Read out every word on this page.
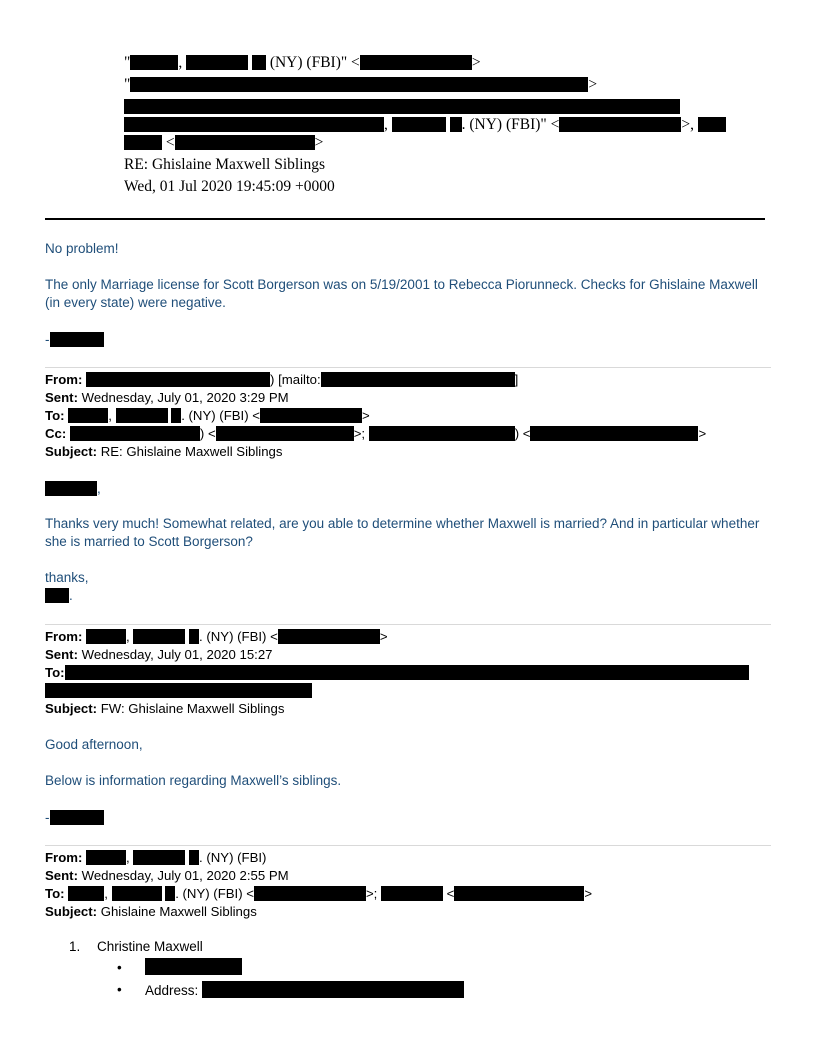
"	,	(NY) (FBI)" <	>
"	>
,	. (NY) (FBI)" <	>,
<	>
RE: Ghislaine Maxwell Siblings
Wed, 01 Jul 2020 19:45:09 +0000
No problem!
The only Marriage license for Scott Borgerson was on 5/19/2001 to Rebecca Piorunneck. Checks for Ghislaine Maxwell (in every state) were negative.
-
From:	) [mailto:	]
Sent: Wednesday, July 01, 2020 3:29 PM
To:	,	. (NY) (FBI) <	>
Cc:	) <	>;	) <	>
Subject: RE: Ghislaine Maxwell Siblings
,
Thanks very much! Somewhat related, are you able to determine whether Maxwell is married? And in particular whether she is married to Scott Borgerson?
thanks,
.
From:	,	. (NY) (FBI) <	>
Sent: Wednesday, July 01, 2020 15:27
To:
Subject: FW: Ghislaine Maxwell Siblings
Good afternoon,
Below is information regarding Maxwell’s siblings.
-
From:	,	. (NY) (FBI)
Sent: Wednesday, July 01, 2020 2:55 PM
To:	,	. (NY) (FBI) <	>;	<	>
Subject: Ghislaine Maxwell Siblings
1. Christine Maxwell
•
• Address:
